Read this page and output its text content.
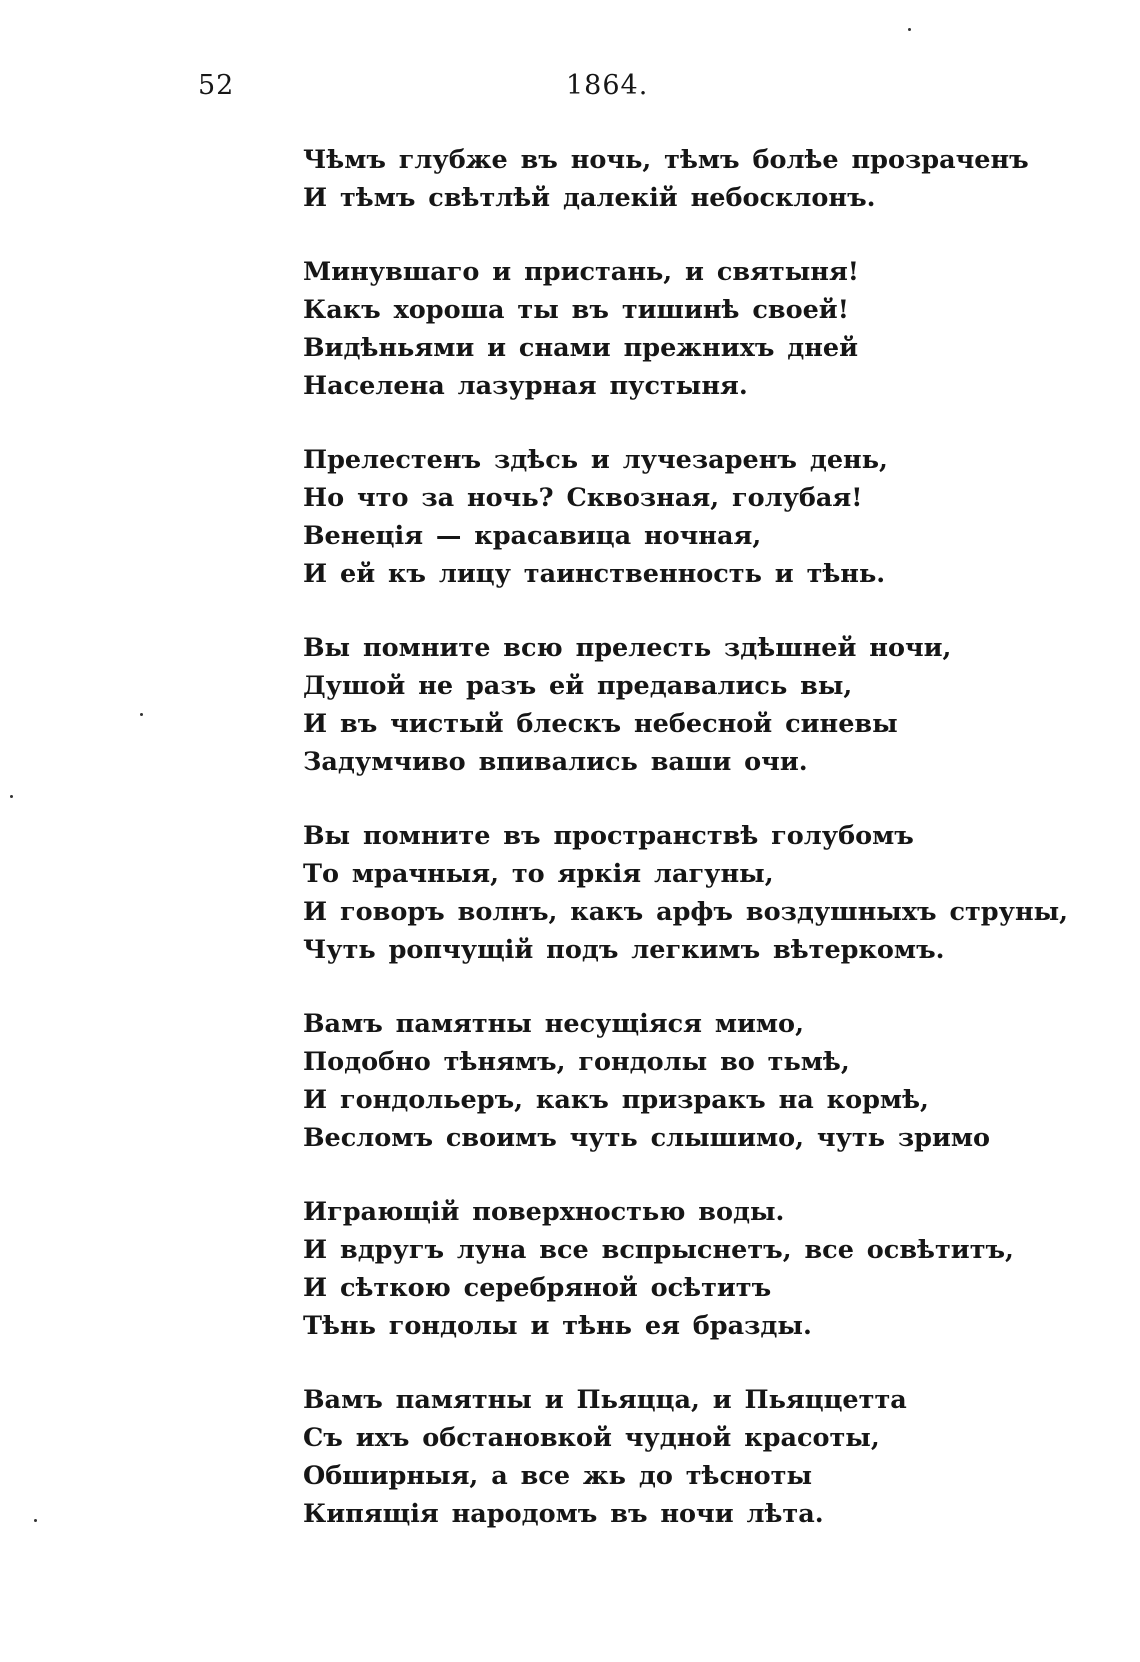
52	1864.
Чѣмъ глубже въ ночь, тѣмъ болѣе прозраченъ
И тѣмъ свѣтлѣй далекій небосклонъ.
Минувшаго и пристань, и святыня!
Какъ хороша ты въ тишинѣ своей!
Видѣньями и снами прежнихъ дней
Населена лазурная пустыня.
Прелестенъ здѣсь и лучезаренъ день,
Но что за ночь? Сквозная, голубая!
Венеція — красавица ночная,
И ей къ лицу таинственность и тѣнь.
Вы помните всю прелесть здѣшней ночи,
Душой не разъ ей предавались вы,
И въ чистый блескъ небесной синевы
Задумчиво впивались ваши очи.
Вы помните въ пространствѣ голубомъ
То мрачныя, то яркія лагуны,
И говоръ волнъ, какъ арфъ воздушныхъ струны,
Чуть ропчущій подъ легкимъ вѣтеркомъ.
Вамъ памятны несущіяся мимо,
Подобно тѣнямъ, гондолы во тьмѣ,
И гондольеръ, какъ призракъ на кормѣ,
Весломъ своимъ чуть слышимо, чуть зримо
Играющій поверхностью воды.
И вдругъ луна все вспрыснетъ, все освѣтитъ,
И сѣткою серебряной осѣтитъ
Тѣнь гондолы и тѣнь ея бразды.
Вамъ памятны и Пьяцца, и Пьяццетта
Съ ихъ обстановкой чудной красоты,
Обширныя, а все жь до тѣсноты
Кипящія народомъ въ ночи лѣта.
